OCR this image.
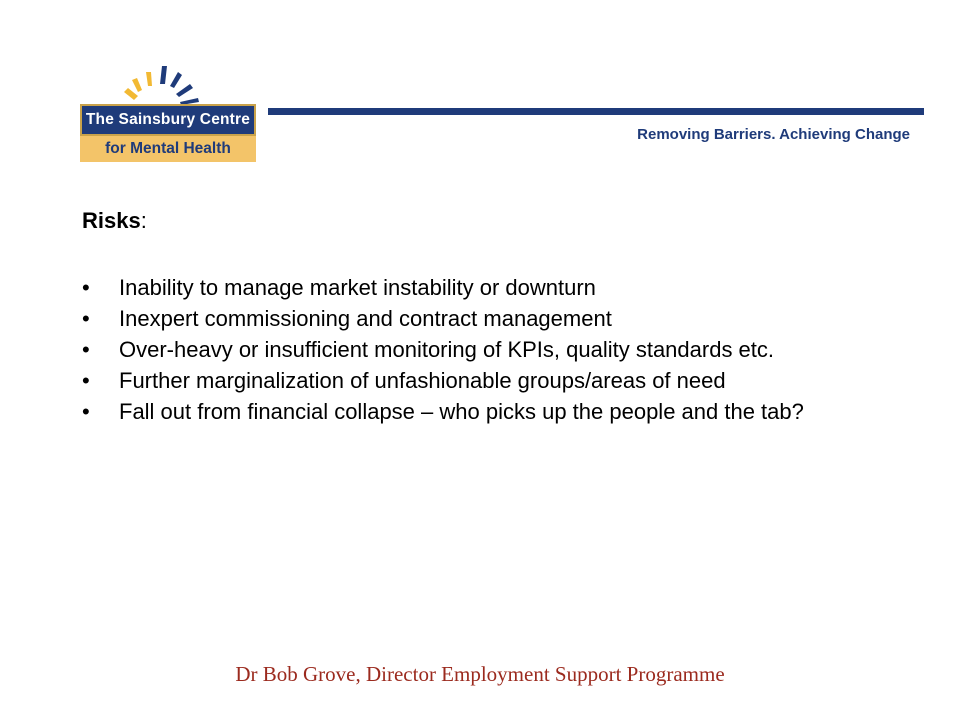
The Sainsbury Centre
for Mental Health
Removing Barriers. Achieving Change
Risks:
• Inability to manage market instability or downturn
• Inexpert commissioning and contract management
• Over-heavy or insufficient monitoring of KPIs, quality standards etc.
• Further marginalization of unfashionable groups/areas of need
• Fall out from financial collapse – who picks up the people and the tab?
Dr Bob Grove, Director Employment Support Programme
